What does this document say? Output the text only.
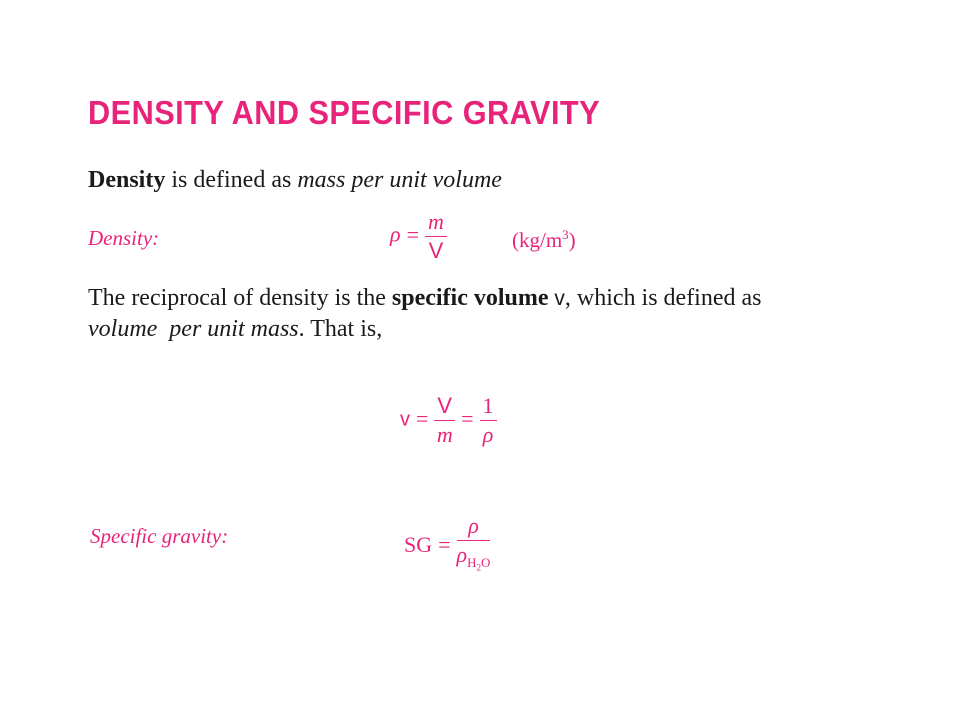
DENSITY AND SPECIFIC GRAVITY
Density is defined as mass per unit volume
Density:	$\rho = \frac{m}{V}$	$(kg/m^3)$
The reciprocal of density is the specific volume v, which is defined as
volume  per unit mass. That is,
$v = \frac{V}{m} = \frac{1}{\rho}$
Specific gravity:	SG = $\frac{\rho}{\rho_{H_2O}}$
